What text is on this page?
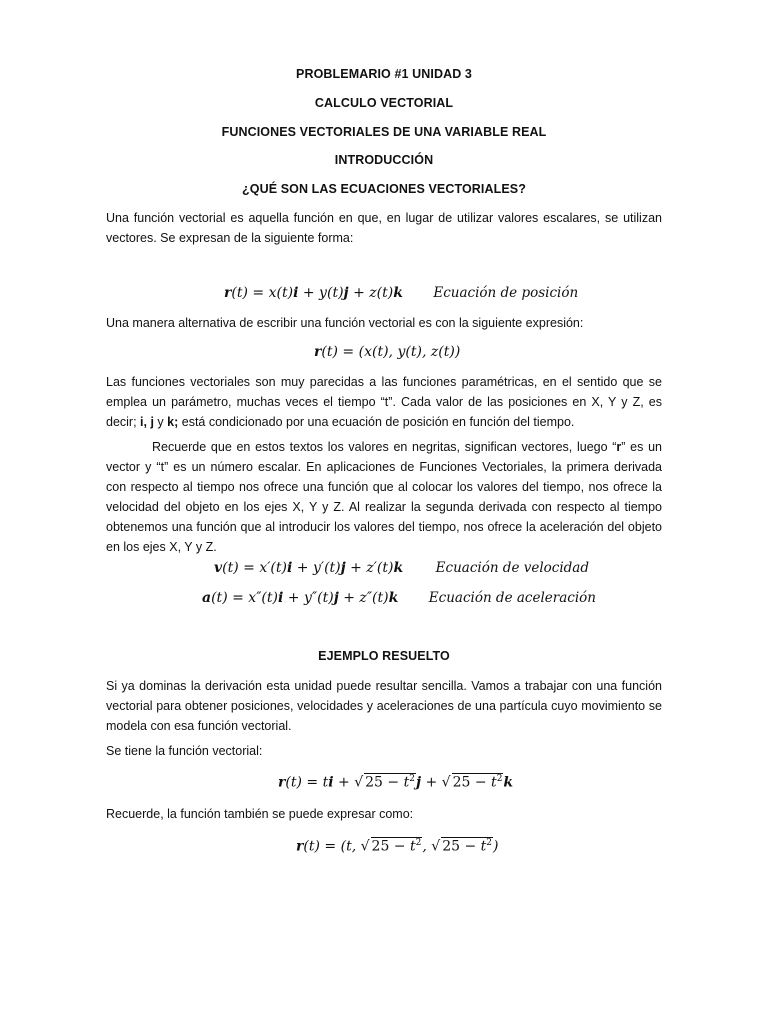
PROBLEMARIO #1 UNIDAD 3
CALCULO VECTORIAL
FUNCIONES VECTORIALES DE UNA VARIABLE REAL
INTRODUCCIÓN
¿QUÉ SON LAS ECUACIONES VECTORIALES?

Una función vectorial es aquella función en que, en lugar de utilizar valores escalares, se utilizan vectores. Se expresan de la siguiente forma:

r(t) = x(t)i + y(t)j + z(t)k Ecuación de posición

Una manera alternativa de escribir una función vectorial es con la siguiente expresión:

r(t) = (x(t), y(t), z(t))

Las funciones vectoriales son muy parecidas a las funciones paramétricas, en el sentido que se emplea un parámetro, muchas veces el tiempo “t”. Cada valor de las posiciones en X, Y y Z, es decir; i, j y k; está condicionado por una ecuación de posición en función del tiempo.

Recuerde que en estos textos los valores en negritas, significan vectores, luego “r” es un vector y “t” es un número escalar. En aplicaciones de Funciones Vectoriales, la primera derivada con respecto al tiempo nos ofrece una función que al colocar los valores del tiempo, nos ofrece la velocidad del objeto en los ejes X, Y y Z. Al realizar la segunda derivada con respecto al tiempo obtenemos una función que al introducir los valores del tiempo, nos ofrece la aceleración del objeto en los ejes X, Y y Z.

v(t) = x′(t)i + y′(t)j + z′(t)k Ecuación de velocidad
a(t) = x″(t)i + y″(t)j + z″(t)k Ecuación de aceleración
EJEMPLO RESUELTO

Si ya dominas la derivación esta unidad puede resultar sencilla. Vamos a trabajar con una función vectorial para obtener posiciones, velocidades y aceleraciones de una partícula cuyo movimiento se modela con esa función vectorial.

Se tiene la función vectorial:

r(t) = ti + √ $25 - t^2j$ + √ $25 - t^2k$

Recuerde, la función también se puede expresar como:

r(t) = (t, √ $25 - t^2$, √ $25 - t^2$)
